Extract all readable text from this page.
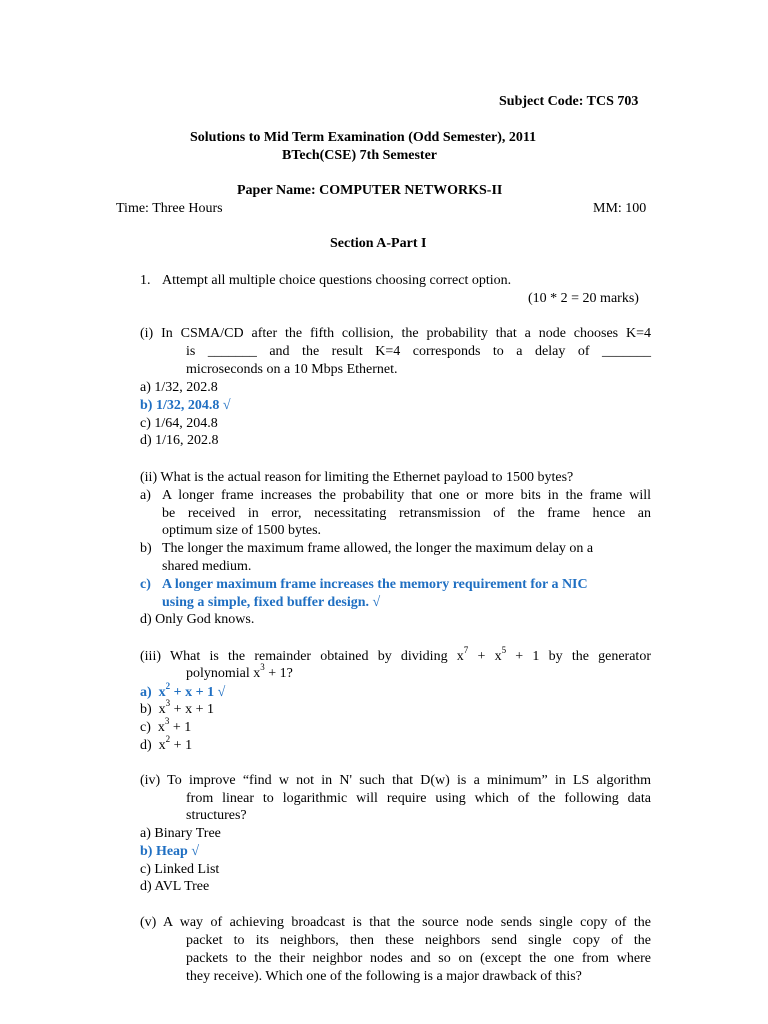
Subject Code: TCS 703
Solutions to Mid Term Examination (Odd Semester), 2011
BTech(CSE) 7th Semester
Paper Name: COMPUTER NETWORKS-II
Time: Three Hours	MM: 100
Section A-Part I
1. Attempt all multiple choice questions choosing correct option.
(10 * 2 = 20 marks)
(i) In CSMA/CD after the fifth collision, the probability that a node chooses K=4
is _______ and the result K=4 corresponds to a delay of _______
microseconds on a 10 Mbps Ethernet.
a) 1/32, 202.8
b) 1/32, 204.8 √
c) 1/64, 204.8
d) 1/16, 202.8
(ii) What is the actual reason for limiting the Ethernet payload to 1500 bytes?
a) A longer frame increases the probability that one or more bits in the frame will
be received in error, necessitating retransmission of the frame hence an
optimum size of 1500 bytes.
b) The longer the maximum frame allowed, the longer the maximum delay on a
shared medium.
c) A longer maximum frame increases the memory requirement for a NIC
using a simple, fixed buffer design. √
d) Only God knows.
(iii) What is the remainder obtained by dividing $x^7 + x^5 + 1$ by the generator
polynomial $x^3 + 1$?
a) $x^2 + x + 1$ √
b) $x^3 + x + 1$
c) $x^3 + 1$
d) $x^2 + 1$
(iv) To improve “find w not in N' such that D(w) is a minimum” in LS algorithm
from linear to logarithmic will require using which of the following data
structures?
a) Binary Tree
b) Heap √
c) Linked List
d) AVL Tree
(v) A way of achieving broadcast is that the source node sends single copy of the
packet to its neighbors, then these neighbors send single copy of the
packets to the their neighbor nodes and so on (except the one from where
they receive). Which one of the following is a major drawback of this?
